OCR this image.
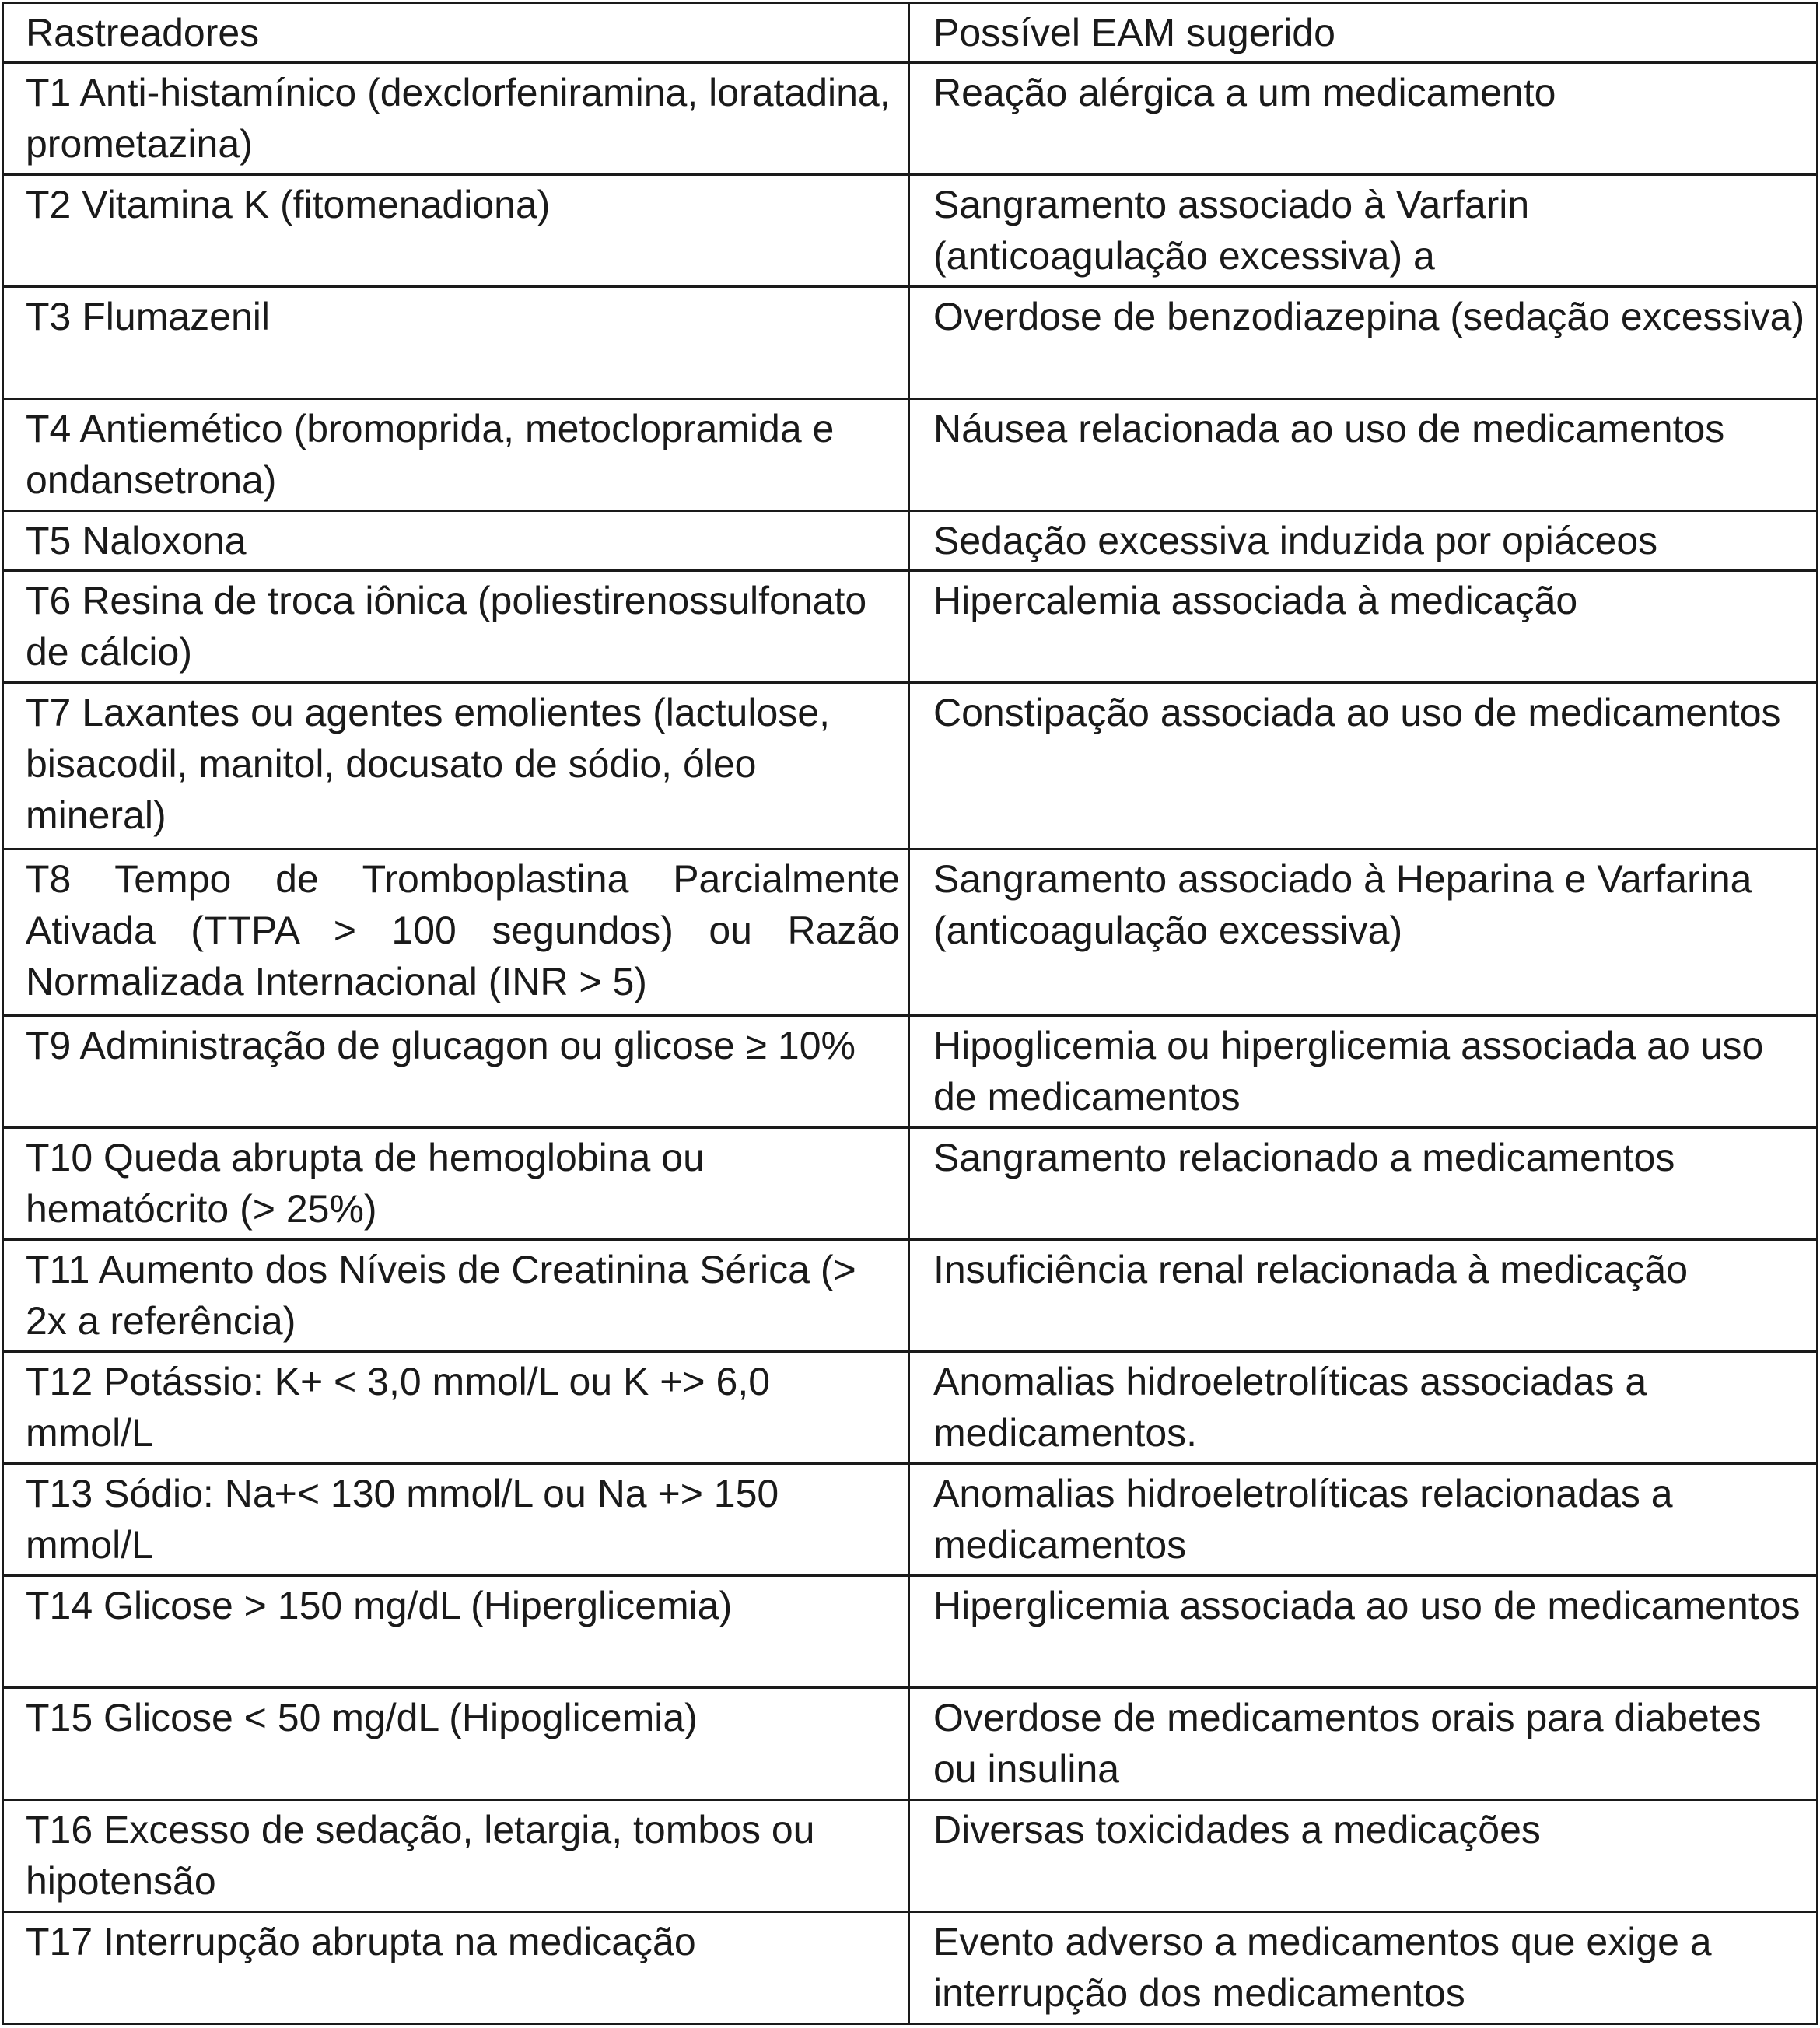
Rastreadores	Possível EAM sugerido

T1 Anti-histamínico (dexclorfeniramina, loratadina, prometazina)	Reação alérgica a um medicamento

T2 Vitamina K (fitomenadiona)	Sangramento associado à Varfarin (anticoagulação excessiva) a

T3 Flumazenil	Overdose de benzodiazepina (sedação excessiva)

T4 Antiemético (bromoprida, metoclopramida e ondansetrona)	Náusea relacionada ao uso de medicamentos

T5 Naloxona	Sedação excessiva induzida por opiáceos

T6 Resina de troca iônica (poliestirenossulfonato de cálcio)	Hipercalemia associada à medicação

T7 Laxantes ou agentes emolientes (lactulose, bisacodil, manitol, docusato de sódio, óleo mineral)	Constipação associada ao uso de medicamentos

T8 Tempo de Tromboplastina Parcialmente Ativada (TTPA > 100 segundos) ou Razão Normalizada Internacional (INR > 5)	Sangramento associado à Heparina e Varfarina (anticoagulação excessiva)

T9 Administração de glucagon ou glicose ≥ 10%	Hipoglicemia ou hiperglicemia associada ao uso de medicamentos

T10 Queda abrupta de hemoglobina ou hematócrito (> 25%)	Sangramento relacionado a medicamentos

T11 Aumento dos Níveis de Creatinina Sérica (> 2x a referência)	Insuficiência renal relacionada à medicação

T12 Potássio: K+ < 3,0 mmol/L ou K +> 6,0 mmol/L	Anomalias hidroeletrolíticas associadas a medicamentos.

T13 Sódio: Na+< 130 mmol/L ou Na +> 150 mmol/L	Anomalias hidroeletrolíticas relacionadas a medicamentos

T14 Glicose > 150 mg/dL (Hiperglicemia)	Hiperglicemia associada ao uso de medicamentos

T15 Glicose < 50 mg/dL (Hipoglicemia)	Overdose de medicamentos orais para diabetes ou insulina

T16 Excesso de sedação, letargia, tombos ou hipotensão	Diversas toxicidades a medicações

T17 Interrupção abrupta na medicação	Evento adverso a medicamentos que exige a interrupção dos medicamentos
